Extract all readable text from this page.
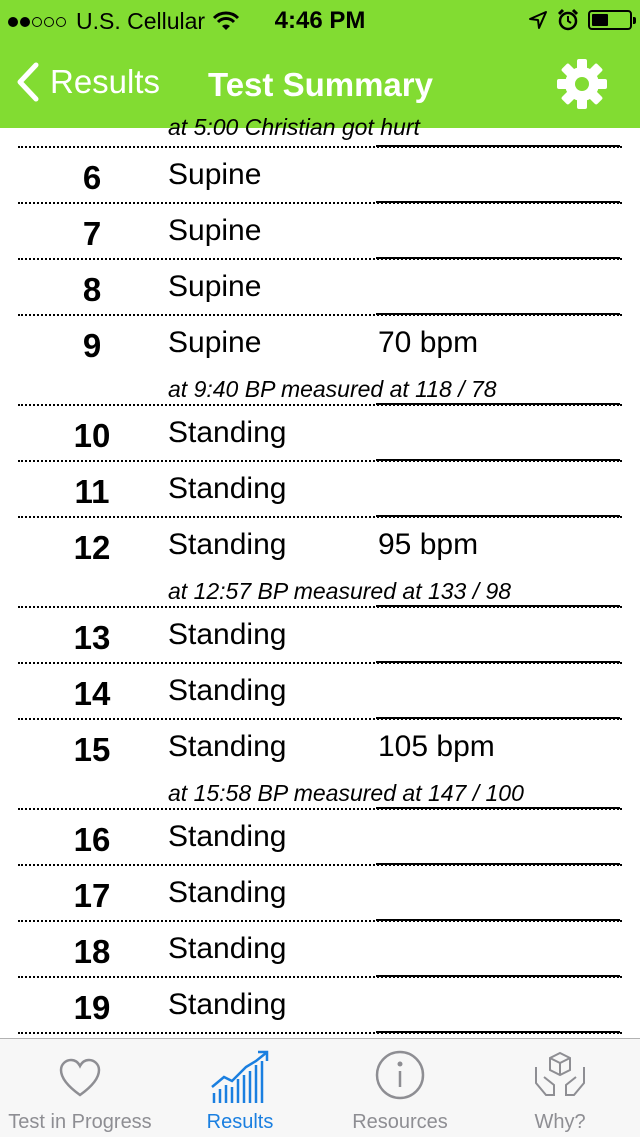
U.S. Cellular	4:46 PM
Results Test Summary
at 5:00 Christian got hurt
6	Supine
7	Supine
8	Supine
9	Supine	70 bpm
at 9:40 BP measured at 118 / 78
10	Standing
11	Standing
12	Standing	95 bpm
at 12:57 BP measured at 133 / 98
13	Standing
14	Standing
15	Standing	105 bpm
at 15:58 BP measured at 147 / 100
16	Standing
17	Standing
18	Standing
19	Standing
Test in Progress	Results	Resources	Why?
